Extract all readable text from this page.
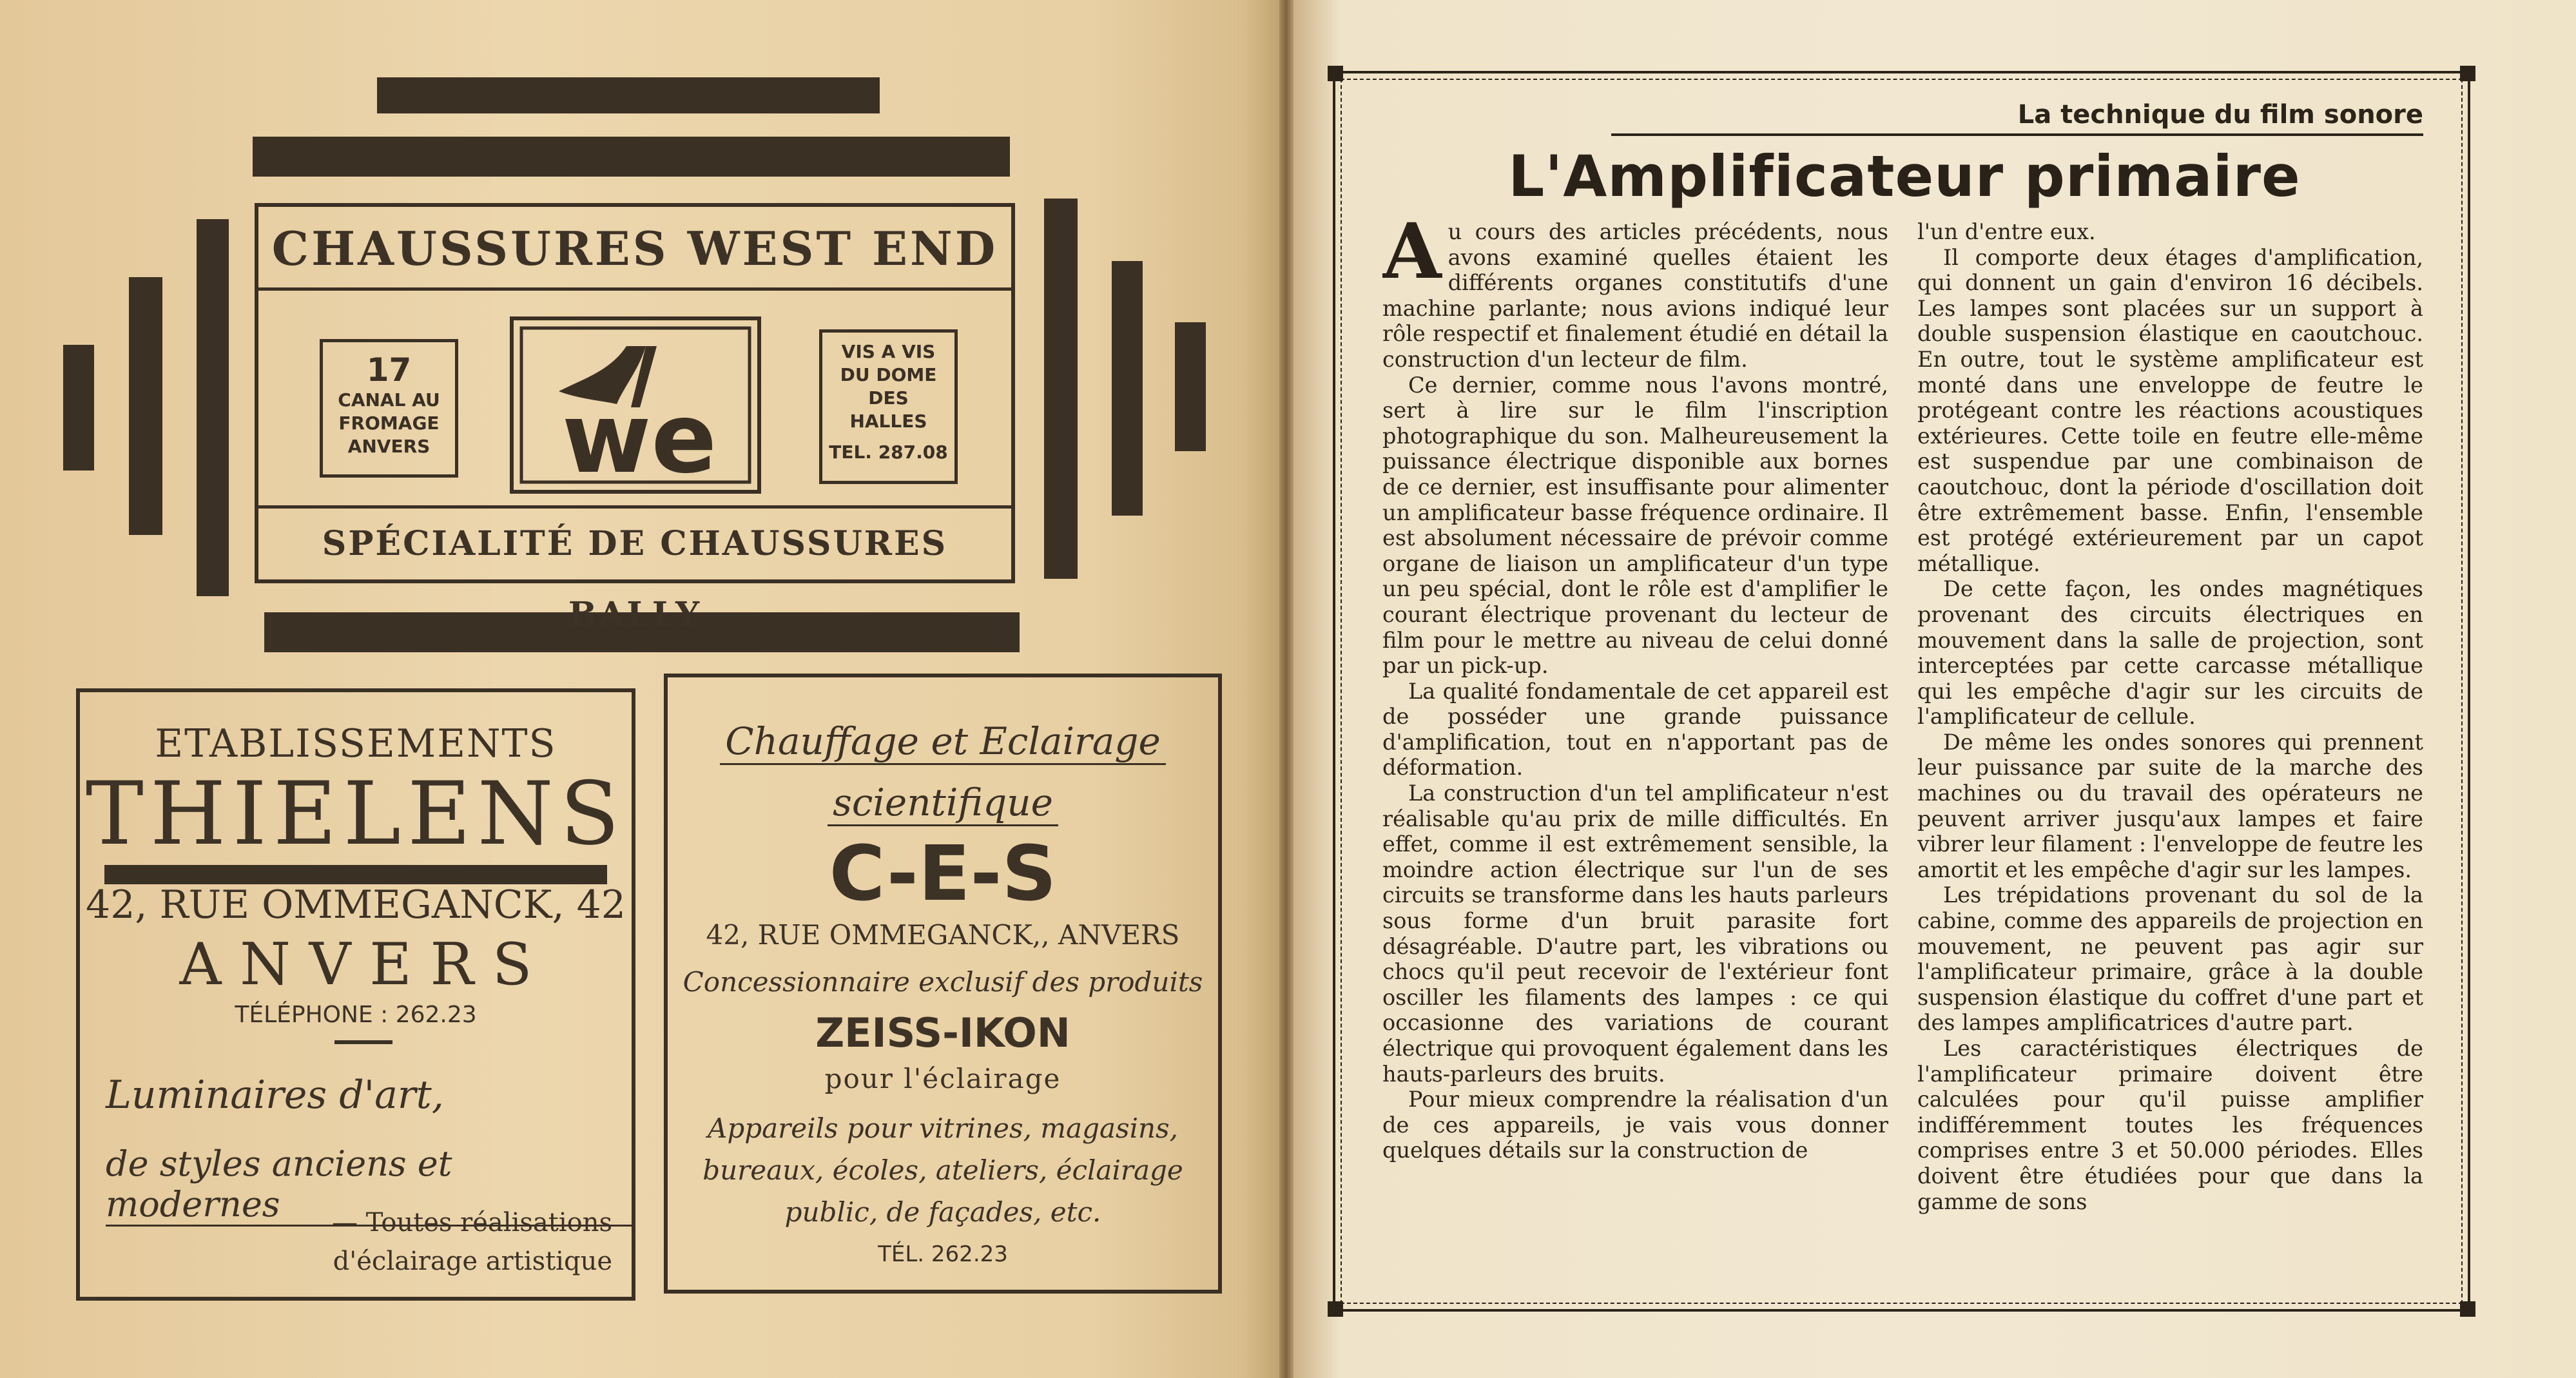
CHAUSSURES WEST END
17
CANAL AU
FROMAGE
ANVERS we
VIS A VIS
DU DOME
DES
HALLES
TEL. 287.08
SPÉCIALITÉ DE CHAUSSURES BALLY
ETABLISSEMENTS
THIELENS
42, RUE OMMEGANCK, 42
A N V E R S
TÉLÉPHONE : 262.23
Luminaires d'art,
de styles anciens et modernes	— Toutes réalisations
d'éclairage artistique
Chauffage et Eclairage
scientifique
C-E-S
42, RUE OMMEGANCK,, ANVERS
Concessionnaire exclusif des produits
ZEISS-IKON
pour l'éclairage
Appareils pour vitrines, magasins,
bureaux, écoles, ateliers, éclairage
public, de façades, etc.
TÉL. 262.23
La technique du film sonore
L'Amplificateur primaire

Au cours des articles précédents, nous avons examiné quelles étaient les différents organes constitutifs d'une machine parlante; nous avions indiqué leur rôle respectif et finalement étudié en détail la construction d'un lecteur de film.

Ce dernier, comme nous l'avons montré, sert à lire sur le film l'inscription photographique du son. Malheureusement la puissance électrique disponible aux bornes de ce dernier, est insuffisante pour alimenter un amplificateur basse fréquence ordinaire. Il est absolument nécessaire de prévoir comme organe de liaison un amplificateur d'un type un peu spécial, dont le rôle est d'amplifier le courant électrique provenant du lecteur de film pour le mettre au niveau de celui donné par un pick-up.

La qualité fondamentale de cet appareil est de posséder une grande puissance d'amplification, tout en n'apportant pas de déformation.

La construction d'un tel amplificateur n'est réalisable qu'au prix de mille difficultés. En effet, comme il est extrêmement sensible, la moindre action électrique sur l'un de ses circuits se transforme dans les hauts parleurs sous forme d'un bruit parasite fort désagréable. D'autre part, les vibrations ou chocs qu'il peut recevoir de l'extérieur font osciller les filaments des lampes : ce qui occasionne des variations de courant électrique qui provoquent également dans les hauts-parleurs des bruits.

Pour mieux comprendre la réalisation d'un de ces appareils, je vais vous donner quelques détails sur la construction de

l'un d'entre eux.

Il comporte deux étages d'amplification, qui donnent un gain d'environ 16 décibels. Les lampes sont placées sur un support à double suspension élastique en caoutchouc. En outre, tout le système amplificateur est monté dans une enveloppe de feutre le protégeant contre les réactions acoustiques extérieures. Cette toile en feutre elle-même est suspendue par une combinaison de caoutchouc, dont la période d'oscillation doit être extrêmement basse. Enfin, l'ensemble est protégé extérieurement par un capot métallique.

De cette façon, les ondes magnétiques provenant des circuits électriques en mouvement dans la salle de projection, sont interceptées par cette carcasse métallique qui les empêche d'agir sur les circuits de l'amplificateur de cellule.

De même les ondes sonores qui prennent leur puissance par suite de la marche des machines ou du travail des opérateurs ne peuvent arriver jusqu'aux lampes et faire vibrer leur filament : l'enveloppe de feutre les amortit et les empêche d'agir sur les lampes.

Les trépidations provenant du sol de la cabine, comme des appareils de projection en mouvement, ne peuvent pas agir sur l'amplificateur primaire, grâce à la double suspension élastique du coffret d'une part et des lampes amplificatrices d'autre part.

Les caractéristiques électriques de l'amplificateur primaire doivent être calculées pour qu'il puisse amplifier indifféremment toutes les fréquences comprises entre 3 et 50.000 périodes. Elles doivent être étudiées pour que dans la gamme de sons
